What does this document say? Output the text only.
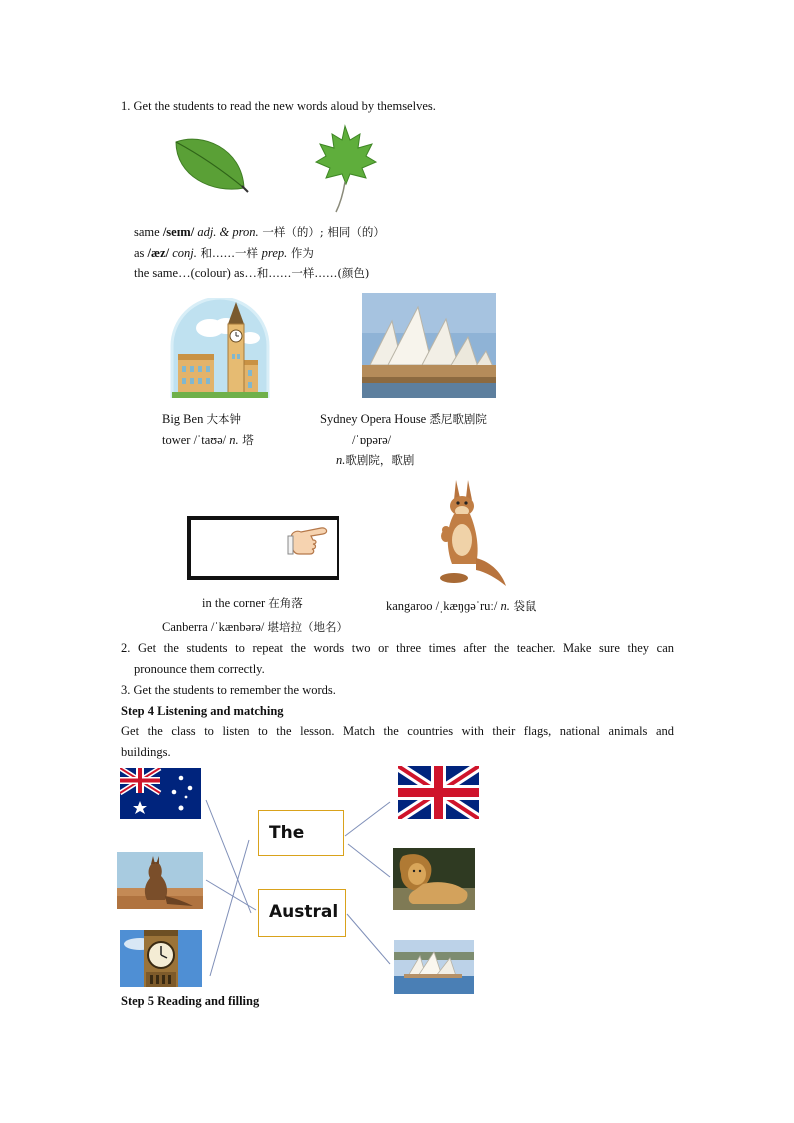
1. Get the students to read the new words aloud by themselves.
same /seɪm/ adj. & pron. 一样（的）; 相同（的）
as /æz/ conj. 和……一样 prep. 作为
the same…(colour) as…和……一样……(颜色)
Big Ben 大本钟	Sydney Opera House 悉尼歌剧院
tower /ˈtaʊə/ n. 塔	/ˈɒpərə/
n.歌剧院，歌剧
in the corner 在角落	kangaroo /ˌkæŋɡəˈruː/ n. 袋鼠
Canberra /ˈkænbərə/ 堪培拉（地名）
2. Get the students to repeat the words two or three times after the teacher. Make sure they can
pronounce them correctly.
3. Get the students to remember the words.
Step 4 Listening and matching
Get the class to listen to the lesson. Match the countries with their flags, national animals and
buildings.
The
Austral
Step 5 Reading and filling
